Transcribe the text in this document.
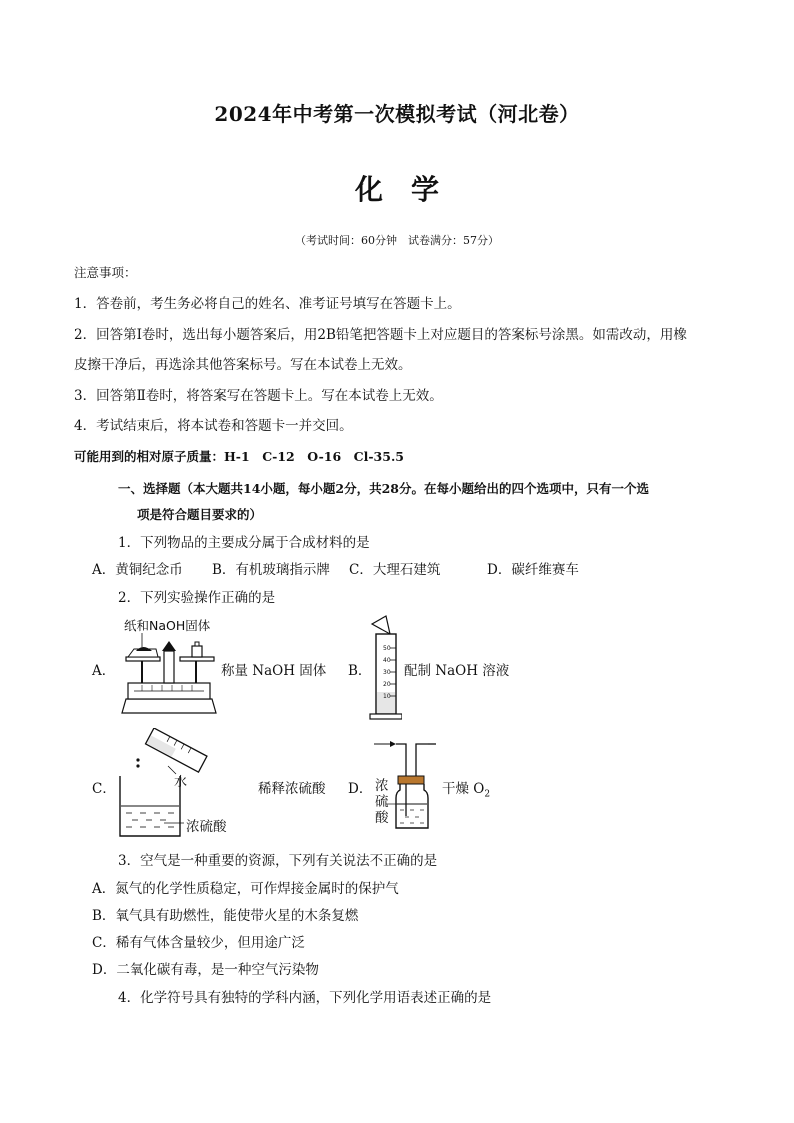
2024年中考第一次模拟考试（河北卷）
化　学
（考试时间：60分钟　试卷满分：57分）
注意事项：
1．答卷前，考生务必将自己的姓名、准考证号填写在答题卡上。
2．回答第Ⅰ卷时，选出每小题答案后，用2B铅笔把答题卡上对应题目的答案标号涂黑。如需改动，用橡
皮擦干净后，再选涂其他答案标号。写在本试卷上无效。
3．回答第Ⅱ卷时，将答案写在答题卡上。写在本试卷上无效。
4．考试结束后，将本试卷和答题卡一并交回。
可能用到的相对原子质量：H-1　C-12　O-16　Cl-35.5
一、选择题（本大题共14小题，每小题2分，共28分。在每小题给出的四个选项中，只有一个选
项是符合题目要求的）
1．下列物品的主要成分属于合成材料的是
A．黄铜纪念币 B．有机玻璃指示牌 C．大理石建筑	D．碳纤维赛车
2．下列实验操作正确的是
A．
纸和NaOH固体
称量 NaOH 固体 B．
50
40
30
20
10
配制 NaOH 溶液
C．	水	稀释浓硫酸
浓硫酸
D． 浓
硫
酸
干燥 $O_2$
3．空气是一种重要的资源，下列有关说法不正确的是
A．氮气的化学性质稳定，可作焊接金属时的保护气
B．氧气具有助燃性，能使带火星的木条复燃
C．稀有气体含量较少，但用途广泛
D．二氧化碳有毒，是一种空气污染物
4．化学符号具有独特的学科内涵，下列化学用语表述正确的是
